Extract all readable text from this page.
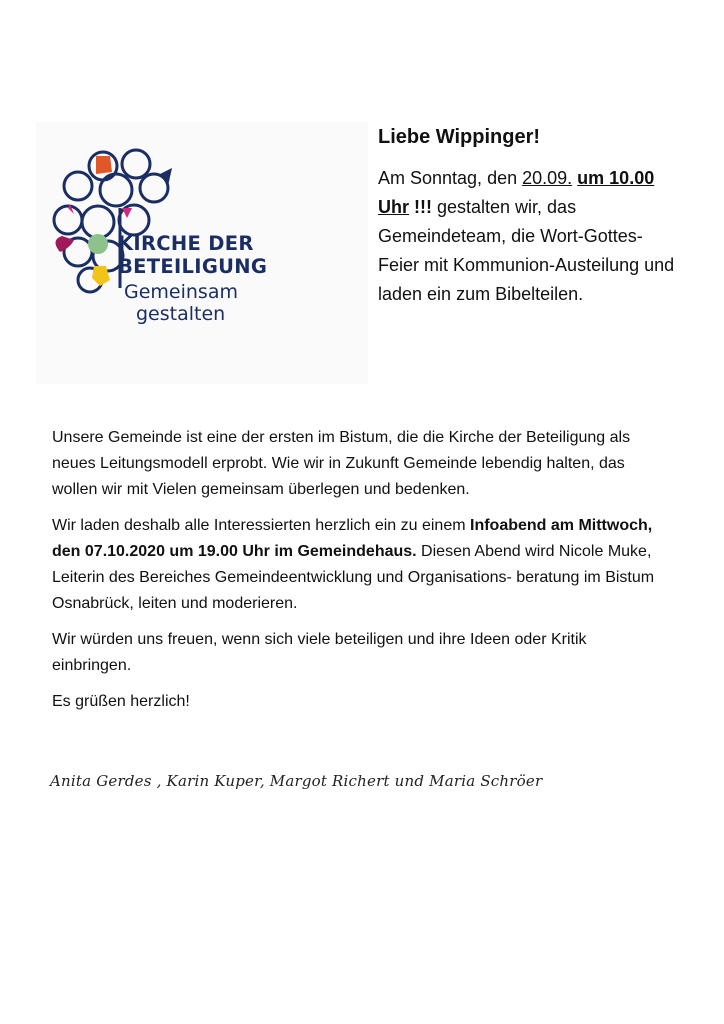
KIRCHE DER
BETEILIGUNG
Gemeinsam
gestalten
Liebe Wippinger!
Am Sonntag, den 20.09. um 10.00 Uhr !!! gestalten wir, das Gemeindeteam, die Wort-Gottes-Feier mit Kommunion-Austeilung und laden ein zum Bibelteilen.

Unsere Gemeinde ist eine der ersten im Bistum, die die Kirche der Beteiligung als neues Leitungsmodell erprobt. Wie wir in Zukunft Gemeinde lebendig halten, das wollen wir mit Vielen gemeinsam überlegen und bedenken.

Wir laden deshalb alle Interessierten herzlich ein zu einem Infoabend am Mittwoch, den 07.10.2020 um 19.00 Uhr im Gemeindehaus. Diesen Abend wird Nicole Muke, Leiterin des Bereiches Gemeindeentwicklung und Organisations- beratung im Bistum Osnabrück, leiten und moderieren.

Wir würden uns freuen, wenn sich viele beteiligen und ihre Ideen oder Kritik einbringen.

Es grüßen herzlich!

Anita Gerdes , Karin Kuper, Margot Richert und Maria Schröer
